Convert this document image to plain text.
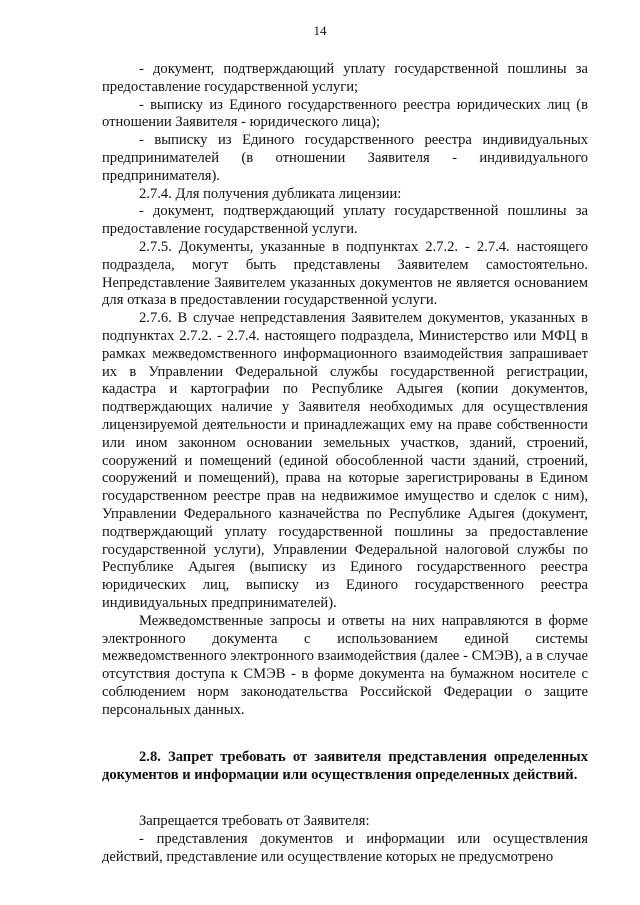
14

- документ, подтверждающий уплату государственной пошлины за предоставление государственной услуги;

- выписку из Единого государственного реестра юридических лиц (в отношении Заявителя - юридического лица);

- выписку из Единого государственного реестра индивидуальных предпринимателей (в отношении Заявителя - индивидуального предпринимателя).

2.7.4. Для получения дубликата лицензии:

- документ, подтверждающий уплату государственной пошлины за предоставление государственной услуги.

2.7.5. Документы, указанные в подпунктах 2.7.2. - 2.7.4. настоящего подраздела, могут быть представлены Заявителем самостоятельно. Непредставление Заявителем указанных документов не является основанием для отказа в предоставлении государственной услуги.

2.7.6. В случае непредставления Заявителем документов, указанных в подпунктах 2.7.2. - 2.7.4. настоящего подраздела, Министерство или МФЦ в рамках межведомственного информационного взаимодействия запрашивает их в Управлении Федеральной службы государственной регистрации, кадастра и картографии по Республике Адыгея (копии документов, подтверждающих наличие у Заявителя необходимых для осуществления лицензируемой деятельности и принадлежащих ему на праве собственности или ином законном основании земельных участков, зданий, строений, сооружений и помещений (единой обособленной части зданий, строений, сооружений и помещений), права на которые зарегистрированы в Едином государственном реестре прав на недвижимое имущество и сделок с ним), Управлении Федерального казначейства по Республике Адыгея (документ, подтверждающий уплату государственной пошлины за предоставление государственной услуги), Управлении Федеральной налоговой службы по Республике Адыгея (выписку из Единого государственного реестра юридических лиц, выписку из Единого государственного реестра индивидуальных предпринимателей).

Межведомственные запросы и ответы на них направляются в форме электронного документа с использованием единой системы межведомственного электронного взаимодействия (далее - СМЭВ), а в случае отсутствия доступа к СМЭВ - в форме документа на бумажном носителе с соблюдением норм законодательства Российской Федерации о защите персональных данных.

2.8. Запрет требовать от заявителя представления определенных документов и информации или осуществления определенных действий.

Запрещается требовать от Заявителя:

- представления документов и информации или осуществления действий, представление или осуществление которых не предусмотрено
